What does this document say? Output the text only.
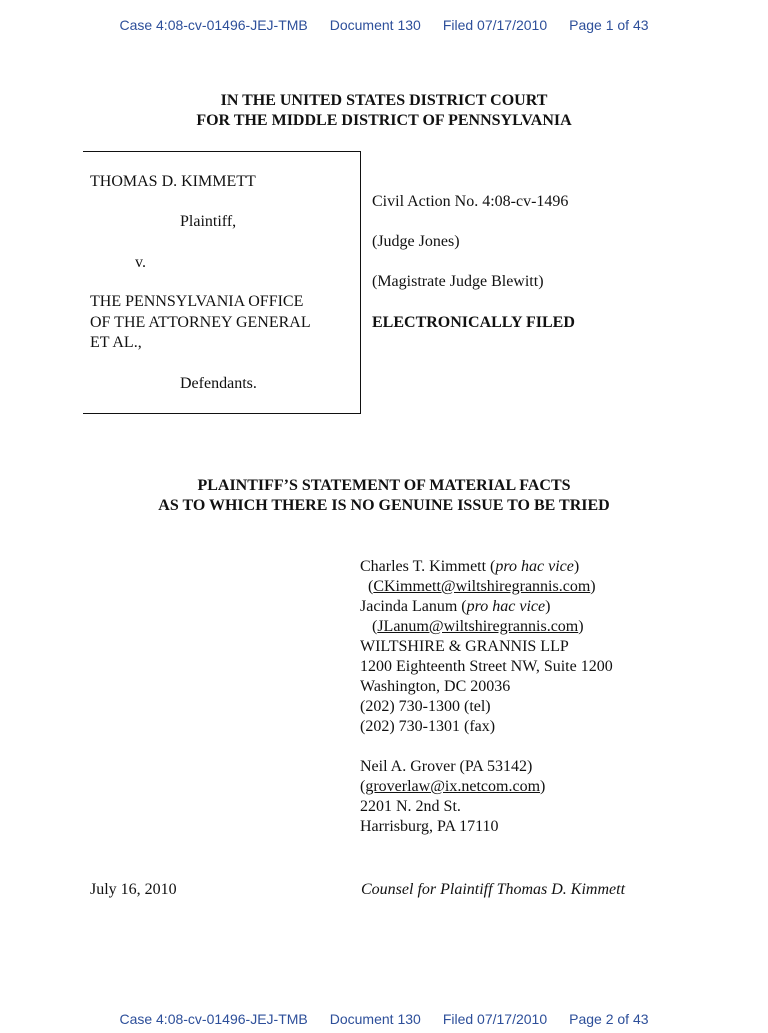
Case 4:08-cv-01496-JEJ-TMB Document 130 Filed 07/17/2010 Page 1 of 43
IN THE UNITED STATES DISTRICT COURT
FOR THE MIDDLE DISTRICT OF PENNSYLVANIA
THOMAS D. KIMMETT
Plaintiff,
v.
THE PENNSYLVANIA OFFICE
OF THE ATTORNEY GENERAL
ET AL.,
Defendants.
Civil Action No. 4:08-cv-1496
(Judge Jones)
(Magistrate Judge Blewitt)
ELECTRONICALLY FILED
PLAINTIFF’S STATEMENT OF MATERIAL FACTS
AS TO WHICH THERE IS NO GENUINE ISSUE TO BE TRIED
Charles T. Kimmett (pro hac vice)
(CKimmett@wiltshiregrannis.com)
Jacinda Lanum (pro hac vice)
(JLanum@wiltshiregrannis.com)
WILTSHIRE & GRANNIS LLP
1200 Eighteenth Street NW, Suite 1200
Washington, DC 20036
(202) 730-1300 (tel)
(202) 730-1301 (fax)
Neil A. Grover (PA 53142)
(groverlaw@ix.netcom.com)
2201 N. 2nd St.
Harrisburg, PA 17110
July 16, 2010	Counsel for Plaintiff Thomas D. Kimmett
Case 4:08-cv-01496-JEJ-TMB Document 130 Filed 07/17/2010 Page 2 of 43
